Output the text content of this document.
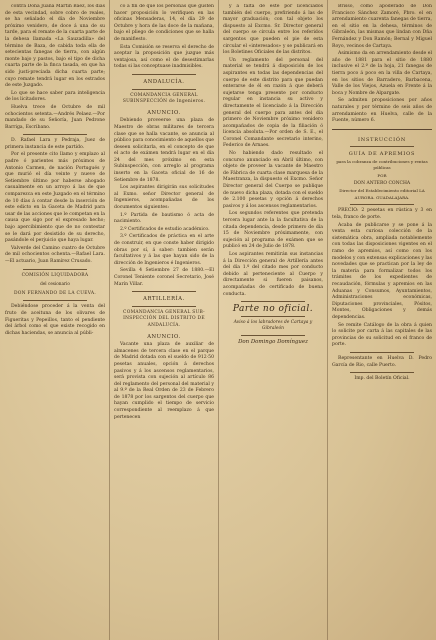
contra Doña Juana Martín Baez, los días de esta vecindad, sobre cobro de reales, se ha señalado el día de Noviembre próximo venidero, de doce á una de su tarde, para el remate de la cuarta parte de la dehesa llamada «La Sauzadilla» del término de Baza, de cabida toda ella de setecientas fanegas de tierra, con algún monte bajo y pastos, bajo el tipo de dicha cuarta parte de la finca tasada, en que ha sido justi-preciada dicha cuarta parte; cuyo remate tendrá lugar en los estrados de este Juzgado.

Lo que se hace saber para inteligencia de los licitadores.

Huelva trece de Octubre de mil ochocientos setenta.—Andrés Pelaez.—Por mandado de su Señoría, Juan Pedrone Barriga, Escribano.

D. Rafael Lara y Pedraja, Juez de primera instancia de este partido.

Por el presente cito llamo y emplazo al padre ó parientes más próximos de Antonio Carmen, de nación Portugués y que murió el día veinte y nueve de Setiembre último por haberse ahogado casualmente en un arroyo á las de que comparezca en este Juzgado en el término de 10 días á contar desde la inserción de este edicto en la Gaceta de Madrid para usar de las acciones que le competan en la causa que sigo por el expresado hecho; bajo apercibimiento que de no contestar se le dará por desistido de su derecho, pasándole el perjuicio que haya lugar.

Valverde del Camino cuatro de Octubre de mil ochocientos ochenta.—Rafael Lara.—El actuario, Juan Ramírez Crusado.

COMISIÓN LIQUIDADORA

del cesionario

DON FERNANDO DE LA CUEVA.

Debiéndose proceder á la venta del fruto de aceituna de los olivares de Figueritas y Pepeillos, tanto el pendiente del árbol como el que existe recogido en dichas haciendas, se anuncia al públi-

co á fin de que los personas que gusten hacer proposición lo verifiquen en las oficinas Mensaderas, 14, el día 29 de Octubre y hora de las doce de la mañana, bajo el pliego de condiciones que se halla de manifiesto.

Esta Comisión se reserva el derecho de aceptar la proposición que juzgue más ventajosa, así como el de desestimarlas todas si las conceptuase inadmisibles.

ANDALUCÍA.

COMANDANCIA GENERAL SUBINSPECCIÓN de Ingenieros.

ANUNCIO.

Debiendo proveerse una plaza de Maestro de obras militares de tercera clase que se halla vacante, se anuncia al público para conocimiento de aquellos que deseen solicitarla, en el concepto de que el acto de exámen tendrá lugar en el día 24 del mes próximo en esta Subinspección, con arreglo al programa inserto en la Gaceta oficial de 16 de Setiembre de 1878.

Los aspirantes dirigirán sus solicitudes al Exmo. señor Director general de Ingenieros, acompañadas de los documentos siguientes:

1.º Partida de bautismo ó acta de nacimiento.

2.º Certificados de estudio académico.

3.º Certificados de práctica en el arte de construir, en que conste haber dirigido obras por sí, á saber: tambien serán facultativos y á las que hayan sido de la dirección de Ingenieros é Ingenieros.

Sevilla 4 Setiembre 27 de 1880.—El Coronel Teniente coronel Secretario, José Marín Villar.

ARTILLERÍA.

COMANDANCIA GENERAL SUB-INSPECCIÓN DEL DISTRITO DE ANDALUCÍA.

ANUNCIO.

Vacante una plaza de auxiliar de almacenes de tercera clase en el parque de Madrid dotada con el sueldo de 912·50 pesetas anuales, opción á derechos pasivos y á los ascensos reglamentarios, será provista con sujeción al artículo 86 del reglamento del personal del material y al 9.º de la Real Orden de 23 de Febrero de 1878 por los sargentos del cuerpo que hayan cumplido el tiempo de servicio correspondiente al reemplazo á que pertenecen

y á falta de éste por licenciados también del cuerpo, prefiriendo á las de mayor graduación; con tal objeto los dispuesto al Excmo. Sr. Director general del cuerpo se circula entre los referidos sargentos que pueden el pie de esta circular el «interesados» y se publicará en los Boletines Oficiales de las distritos.

Un reglamento del personal del material se tendrá á disposición de los aspirantes en todas las dependencias del cuerpo de este distrito para que puedan enterarse de él en razón á que deberá sujetarse tenga presente por conducto regular en instancia su activo y directamente el licenciado á la Dirección general del cuerpo para antes del día primero de Noviembre próximo venidero acompañados de copia de la filiación ó licencia absoluta.—Por orden de S. E., el Coronel Comandante secretario interino, Federico de Arnaes.

No habiendo dado resultado el concurso anunciado en Abril último, con objeto de proveer la vacante de Maestro de Fábrica de cuarta clase marquesa de la Maestranza, la dispuesto el Excmo. Señor Director general del Cuerpo se publique de nuevo dicha plaza, dotada con el sueldo de 2.100 pesetas y opción á derechos pasivos y á los ascensos reglamentarios.

Los segundos referentes que pretenda tercera lugar ante la la facultativa de la citada dependencia, desde primero de día 15 de Noviembre próximamente, con sujeción al programa de exámen que se publicó en 24 de Julio de 1878.

Los aspirantes remitirán sus instancias á la Dirección general de Artillería antes del día 1.º del citado mes por conducto debido al perteneciente al Cuerpo y directamente si fueren paisanos, acompañadas de certificado de buena conducta.

Parte no oficial.

Aviso á los labradores de Cartaya y Gibraleón

Don Domingo Domínguez

Brisso, como apoderado de Don Francisco Sánchez Zamoré, Pbro. el en arrendamiento cuarenta fanegas de tierra, en el sitio en la dehesa, términos de Gibraleón, las mismas que lindan con Dña Fernández y Don Ramón; Bernal y Miguel Royo, vecinos de Cartaya.

Asimismo da en arrendamiento desde el año de 1881 para el sitio de 1880 inclusive el 2.º de la hoja, 21 fanegas de tierra poco á poco en la villa de Cartaya, en los sitios de Barradero, Barbacena, Valle de los Viejos, Azuela en Frente á la boca y Nombre de Alpargate.

Se admiten proposiciones por años naturales y por término de seis años de arrendamiento en Huelva, calle de la Fuente, número 6.

INSTRUCCIÓN

GUÍA DE APREMIOS

para la cobranza de contribuciones y rentas públicas

POR

DON ANTERO CONCHA

Director del Establecimiento editorial LA AURORA. GUADALAJARA.

PRECIO: 2 pesetas en rústica y 3 en tela, franco de porte.

Acaba de publicarse y se pone á la venta esta curiosa colección de la sistemática obra, ampliada notablemente con todas las disposiciones vigentes en el ramo de apremios, así como con los modelos y con extensas explicaciones y las novedades que se practican por la ley de la materia para formalizar todos los trámites de los expedientes de recaudación, fórmulas y apremios en las Aduanas y Consumos, Ayuntamientos, Administraciones económicas, Diputaciones provinciales, Pósitos, Montes, Obligaciones y demás dependencias.

Se remite Catálogo de la obra á quien lo solicite por carta á las capitales de las provincias de su solicitud en el franco de porte.

Representante en Huelva D. Pedro García de Rio, calle Puerto.

Imp. del Boletín Oficial.
